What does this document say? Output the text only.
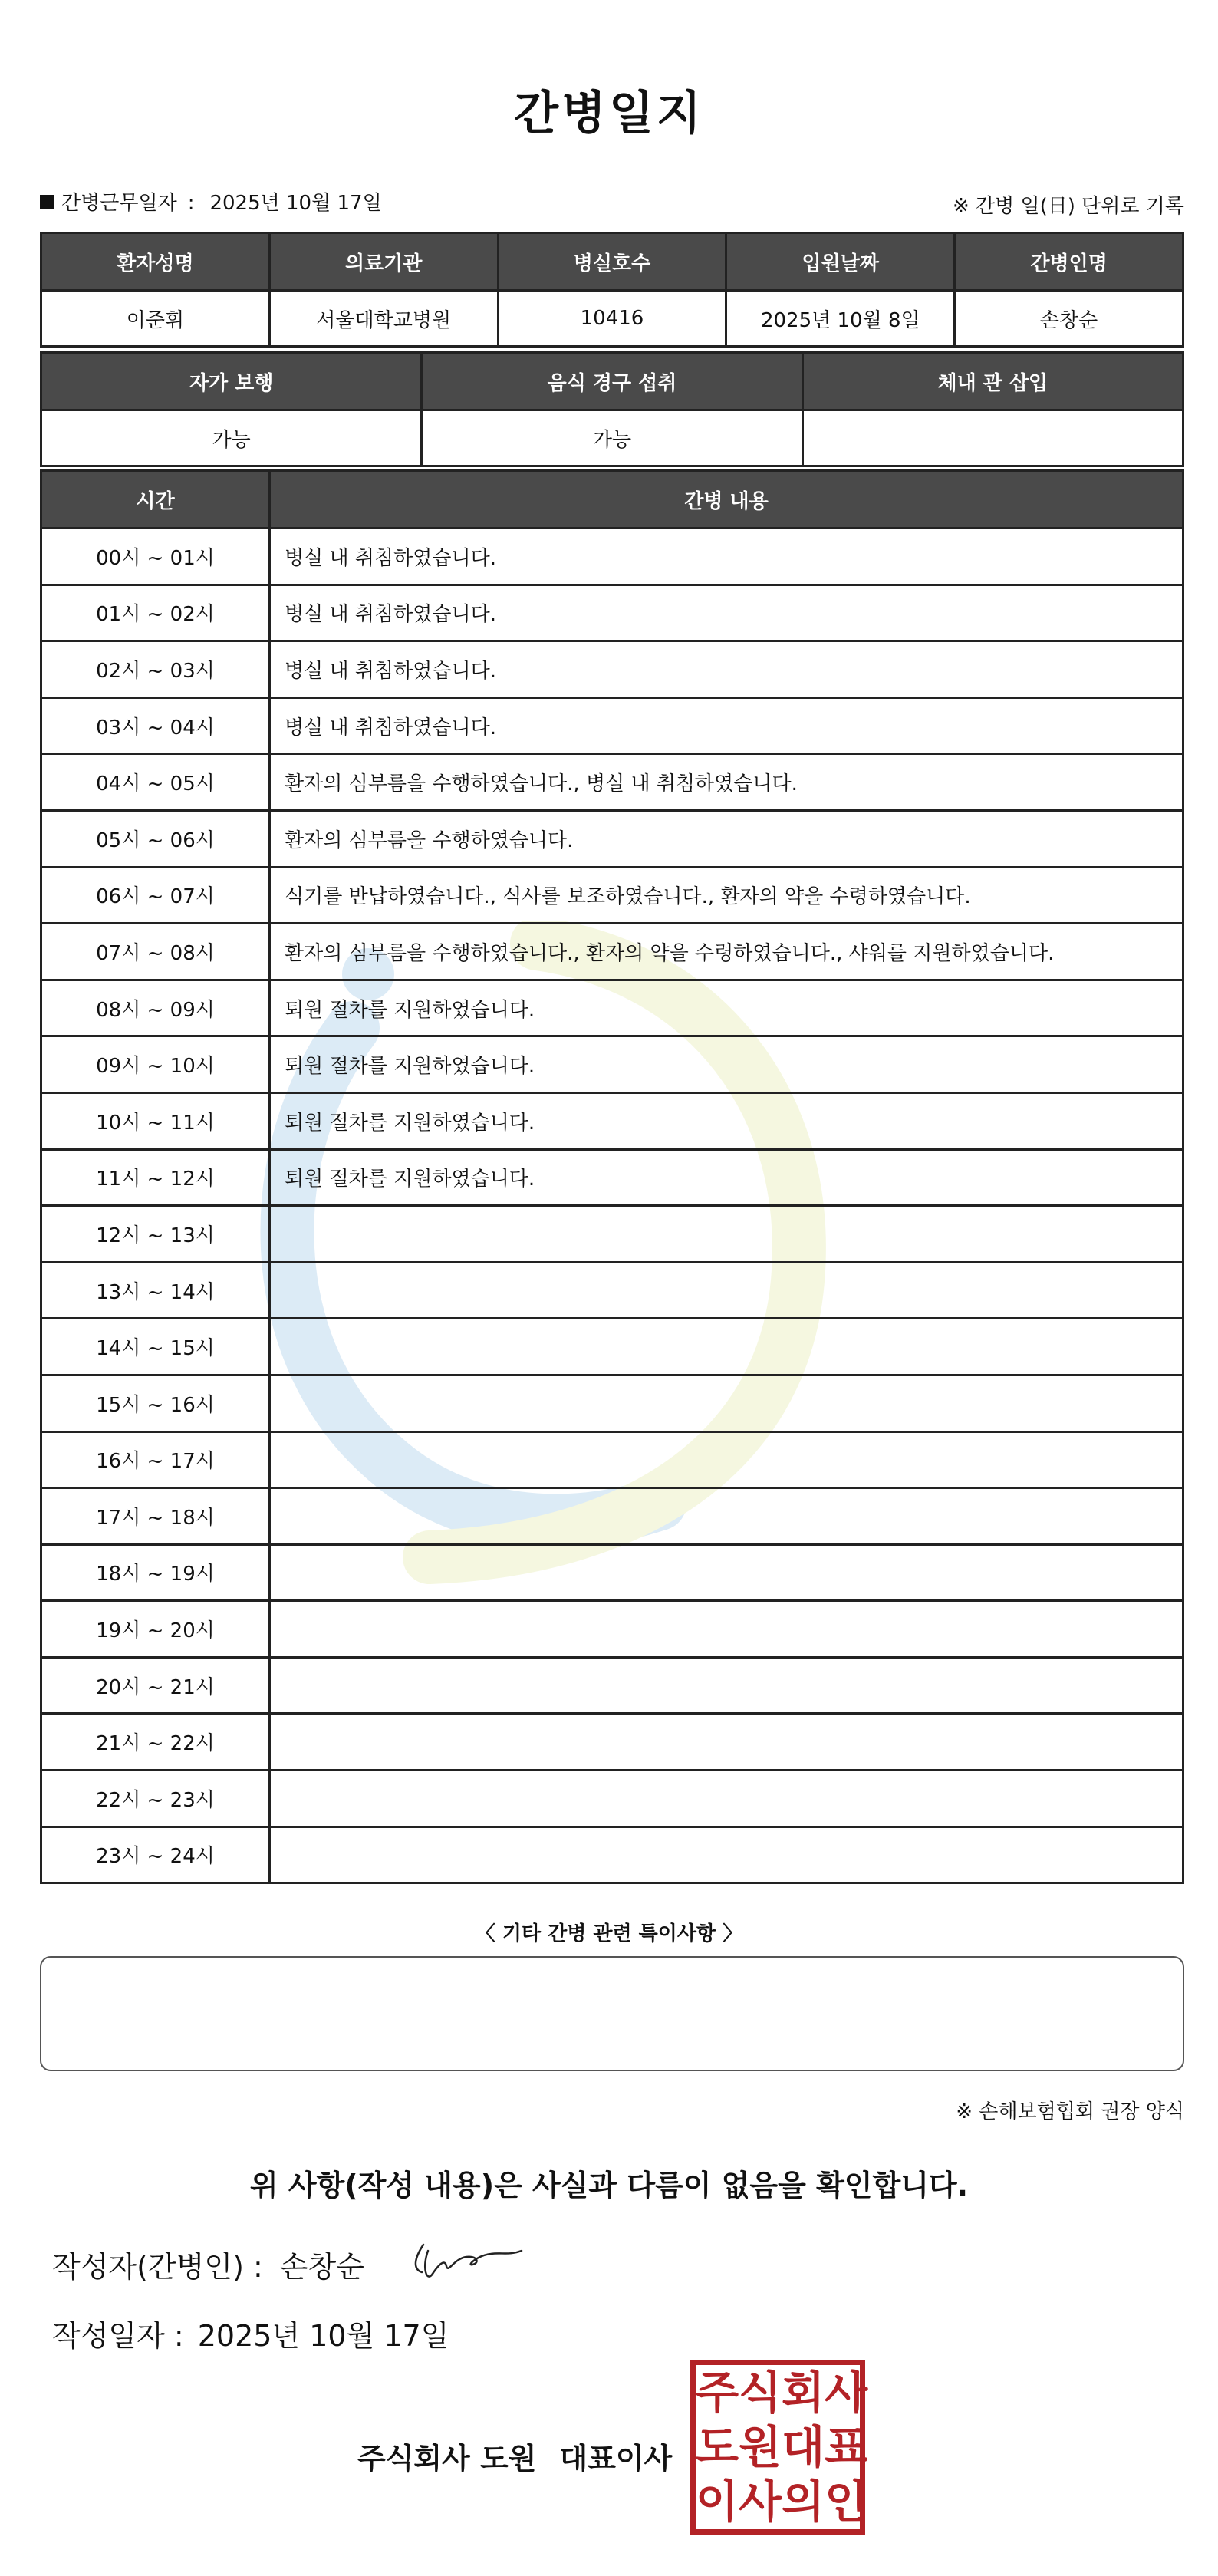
간병일지
간병근무일자 : 2025년 10월 17일	※ 간병 일(日) 단위로 기록
환자성명	의료기관	병실호수	입원날짜	간병인명
이준휘	서울대학교병원	10416	2025년 10월 8일	손창순
자가 보행	음식 경구 섭취	체내 관 삽입
가능	가능	
시간	간병 내용
00시 ~ 01시	병실 내 취침하였습니다.
01시 ~ 02시	병실 내 취침하였습니다.
02시 ~ 03시	병실 내 취침하였습니다.
03시 ~ 04시	병실 내 취침하였습니다.
04시 ~ 05시	환자의 심부름을 수행하였습니다., 병실 내 취침하였습니다.
05시 ~ 06시	환자의 심부름을 수행하였습니다.
06시 ~ 07시	식기를 반납하였습니다., 식사를 보조하였습니다., 환자의 약을 수령하였습니다.
07시 ~ 08시	환자의 심부름을 수행하였습니다., 환자의 약을 수령하였습니다., 샤워를 지원하였습니다.
08시 ~ 09시	퇴원 절차를 지원하였습니다.
09시 ~ 10시	퇴원 절차를 지원하였습니다.
10시 ~ 11시	퇴원 절차를 지원하였습니다.
11시 ~ 12시	퇴원 절차를 지원하였습니다.
12시 ~ 13시	
13시 ~ 14시	
14시 ~ 15시	
15시 ~ 16시	
16시 ~ 17시	
17시 ~ 18시	
18시 ~ 19시	
19시 ~ 20시	
20시 ~ 21시	
21시 ~ 22시	
22시 ~ 23시	
23시 ~ 24시	
〈 기타 간병 관련 특이사항 〉
※ 손해보험협회 권장 양식
위 사항(작성 내용)은 사실과 다름이 없음을 확인합니다.
작성자(간병인) : 손창순
작성일자 : 2025년 10월 17일
주식회사 도원 대표이사
주 식 회 사
도 원 대 표
이 사 의 인
